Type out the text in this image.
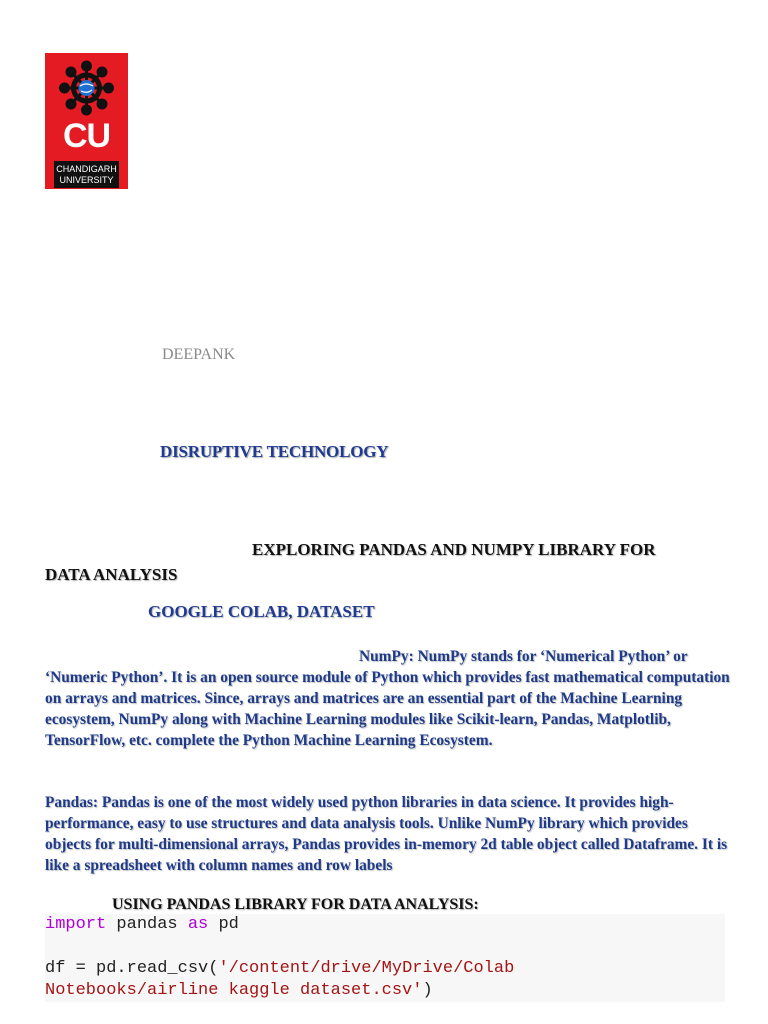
CU
CHANDIGARH
UNIVERSITY
DEEPANK
DISRUPTIVE TECHNOLOGY
EXPLORING PANDAS AND NUMPY LIBRARY FOR
DATA ANALYSIS
GOOGLE COLAB, DATASET
NumPy: NumPy stands for ‘Numerical Python’ or ‘Numeric Python’. It is an open source module of Python which provides fast mathematical computation on arrays and matrices. Since, arrays and matrices are an essential part of the Machine Learning ecosystem, NumPy along with Machine Learning modules like Scikit-learn, Pandas, Matplotlib, TensorFlow, etc. complete the Python Machine Learning Ecosystem.
Pandas: Pandas is one of the most widely used python libraries in data science. It provides high-performance, easy to use structures and data analysis tools. Unlike NumPy library which provides objects for multi-dimensional arrays, Pandas provides in-memory 2d table object called Dataframe. It is like a spreadsheet with column names and row labels
USING PANDAS LIBRARY FOR DATA ANALYSIS:
import pandas as pd
df = pd.read_csv('/content/drive/MyDrive/Colab
Notebooks/airline kaggle dataset.csv')
